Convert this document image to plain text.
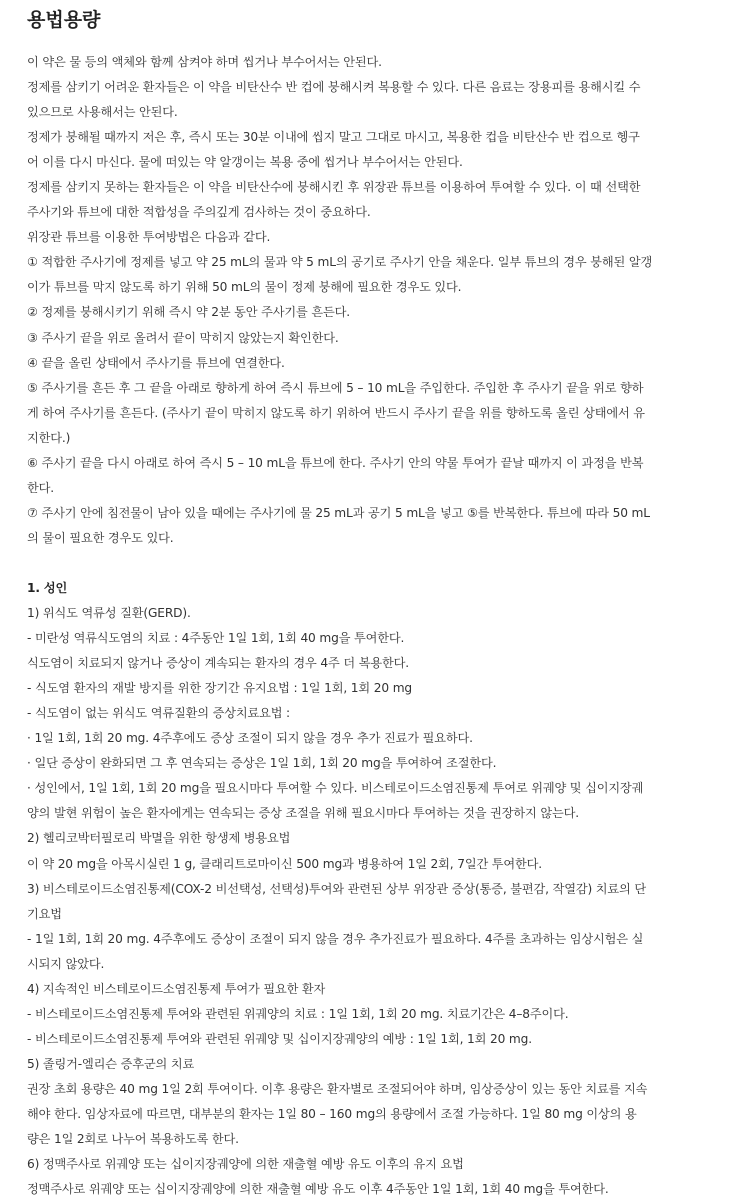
용법용량
이 약은 물 등의 액체와 함께 삼켜야 하며 씹거나 부수어서는 안된다.
정제를 삼키기 어려운 환자들은 이 약을 비탄산수 반 컵에 붕해시켜 복용할 수 있다. 다른 음료는 장용피를 용해시킬 수
있으므로 사용해서는 안된다.
정제가 붕해될 때까지 저은 후, 즉시 또는 30분 이내에 씹지 말고 그대로 마시고, 복용한 컵을 비탄산수 반 컵으로 헹구
어 이를 다시 마신다. 물에 떠있는 약 알갱이는 복용 중에 씹거나 부수어서는 안된다.
정제를 삼키지 못하는 환자들은 이 약을 비탄산수에 붕해시킨 후 위장관 튜브를 이용하여 투여할 수 있다. 이 때 선택한
주사기와 튜브에 대한 적합성을 주의깊게 검사하는 것이 중요하다.
위장관 튜브를 이용한 투여방법은 다음과 같다.
① 적합한 주사기에 정제를 넣고 약 25 mL의 물과 약 5 mL의 공기로 주사기 안을 채운다. 일부 튜브의 경우 붕해된 알갱
이가 튜브를 막지 않도록 하기 위해 50 mL의 물이 정제 붕해에 필요한 경우도 있다.
② 정제를 붕해시키기 위해 즉시 약 2분 동안 주사기를 흔든다.
③ 주사기 끝을 위로 올려서 끝이 막히지 않았는지 확인한다.
④ 끝을 올린 상태에서 주사기를 튜브에 연결한다.
⑤ 주사기를 흔든 후 그 끝을 아래로 향하게 하여 즉시 튜브에 5 – 10 mL을 주입한다. 주입한 후 주사기 끝을 위로 향하
게 하여 주사기를 흔든다. (주사기 끝이 막히지 않도록 하기 위하여 반드시 주사기 끝을 위를 향하도록 올린 상태에서 유
지한다.)
⑥ 주사기 끝을 다시 아래로 하여 즉시 5 – 10 mL을 튜브에 한다. 주사기 안의 약물 투여가 끝날 때까지 이 과정을 반복
한다.
⑦ 주사기 안에 침전물이 남아 있을 때에는 주사기에 물 25 mL과 공기 5 mL을 넣고 ⑤를 반복한다. 튜브에 따라 50 mL
의 물이 필요한 경우도 있다.
1. 성인
1) 위식도 역류성 질환(GERD).
- 미란성 역류식도염의 치료 : 4주동안 1일 1회, 1회 40 mg을 투여한다.
식도염이 치료되지 않거나 증상이 계속되는 환자의 경우 4주 더 복용한다.
- 식도염 환자의 재발 방지를 위한 장기간 유지요법 : 1일 1회, 1회 20 mg
- 식도염이 없는 위식도 역류질환의 증상치료요법 :
· 1일 1회, 1회 20 mg. 4주후에도 증상 조절이 되지 않을 경우 추가 진료가 필요하다.
· 일단 증상이 완화되면 그 후 연속되는 증상은 1일 1회, 1회 20 mg을 투여하여 조절한다.
· 성인에서, 1일 1회, 1회 20 mg을 필요시마다 투여할 수 있다. 비스테로이드소염진통제 투여로 위궤양 및 십이지장궤
양의 발현 위험이 높은 환자에게는 연속되는 증상 조절을 위해 필요시마다 투여하는 것을 권장하지 않는다.
2) 헬리코박터필로리 박멸을 위한 항생제 병용요법
이 약 20 mg을 아목시실린 1 g, 클래리트로마이신 500 mg과 병용하여 1일 2회, 7일간 투여한다.
3) 비스테로이드소염진통제(COX-2 비선택성, 선택성)투여와 관련된 상부 위장관 증상(통증, 불편감, 작열감) 치료의 단
기요법
- 1일 1회, 1회 20 mg. 4주후에도 증상이 조절이 되지 않을 경우 추가진료가 필요하다. 4주를 초과하는 임상시험은 실
시되지 않았다.
4) 지속적인 비스테로이드소염진통제 투여가 필요한 환자
- 비스테로이드소염진통제 투여와 관련된 위궤양의 치료 : 1일 1회, 1회 20 mg. 치료기간은 4–8주이다.
- 비스테로이드소염진통제 투여와 관련된 위궤양 및 십이지장궤양의 예방 : 1일 1회, 1회 20 mg.
5) 졸링거-엘리슨 증후군의 치료
권장 초회 용량은 40 mg 1일 2회 투여이다. 이후 용량은 환자별로 조절되어야 하며, 임상증상이 있는 동안 치료를 지속
해야 한다. 임상자료에 따르면, 대부분의 환자는 1일 80 – 160 mg의 용량에서 조절 가능하다. 1일 80 mg 이상의 용
량은 1일 2회로 나누어 복용하도록 한다.
6) 정맥주사로 위궤양 또는 십이지장궤양에 의한 재출혈 예방 유도 이후의 유지 요법
정맥주사로 위궤양 또는 십이지장궤양에 의한 재출혈 예방 유도 이후 4주동안 1일 1회, 1회 40 mg을 투여한다.
